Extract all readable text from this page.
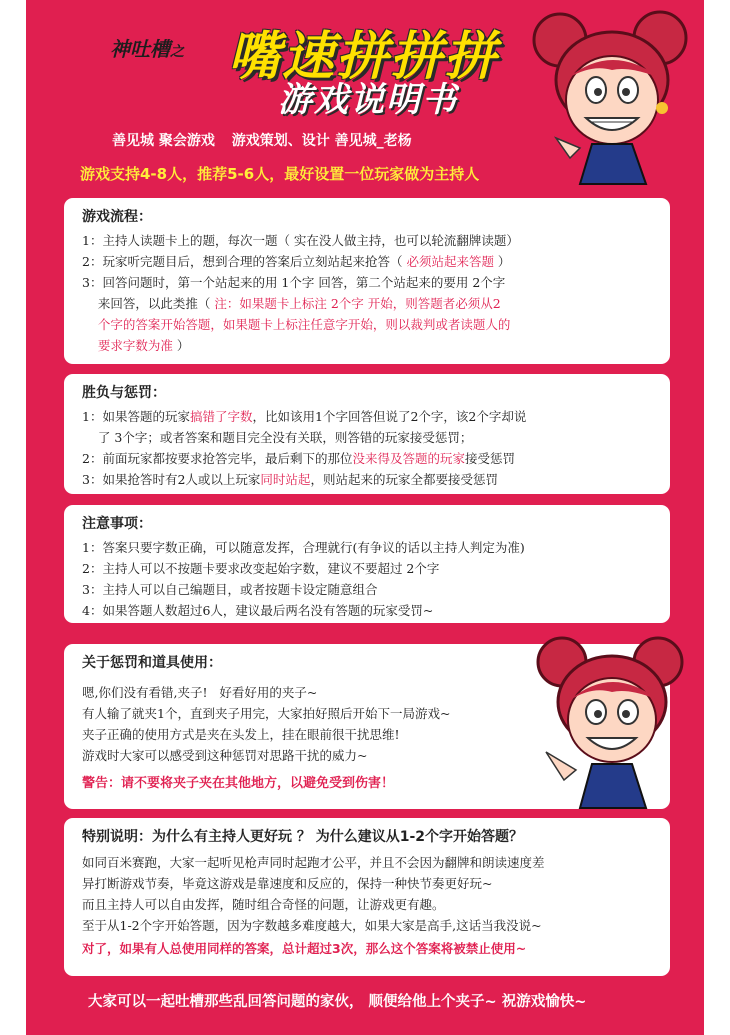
神吐槽之 嘴速拼拼拼
游戏说明书
善见城 聚会游戏 游戏策划、设计 善见城_老杨
游戏支持4-8人，推荐5-6人，最好设置一位玩家做为主持人
游戏流程：
1：主持人读题卡上的题，每次一题（ 实在没人做主持，也可以轮流翻牌读题）
2：玩家听完题目后，想到合理的答案后立刻站起来抢答（ 必须站起来答题 ）
3：回答问题时，第一个站起来的用 1个字 回答，第二个站起来的要用 2个字
来回答，以此类推（ 注：如果题卡上标注 2个字 开始，则答题者必须从2
个字的答案开始答题，如果题卡上标注任意字开始，则以裁判或者读题人的
要求字数为准 ）
胜负与惩罚：
1：如果答题的玩家搞错了字数，比如该用1个字回答但说了2个字，该2个字却说
了 3个字；或者答案和题目完全没有关联，则答错的玩家接受惩罚；
2：前面玩家都按要求抢答完毕，最后剩下的那位没来得及答题的玩家接受惩罚
3：如果抢答时有2人或以上玩家同时站起，则站起来的玩家全都要接受惩罚
注意事项：
1：答案只要字数正确，可以随意发挥，合理就行(有争议的话以主持人判定为准)
2：主持人可以不按题卡要求改变起始字数，建议不要超过 2个字
3：主持人可以自己编题目，或者按题卡设定随意组合
4：如果答题人数超过6人，建议最后两名没有答题的玩家受罚~
关于惩罚和道具使用：
嗯,你们没有看错,夹子!   好看好用的夹子~
有人输了就夹1个，直到夹子用完，大家拍好照后开始下一局游戏~
夹子正确的使用方式是夹在头发上，挂在眼前很干扰思维!
游戏时大家可以感受到这种惩罚对思路干扰的威力~
警告：请不要将夹子夹在其他地方，以避免受到伤害！
特别说明：为什么有主持人更好玩 ？ 为什么建议从1-2个字开始答题？
如同百米赛跑，大家一起听见枪声同时起跑才公平，并且不会因为翻牌和朗读速度差
异打断游戏节奏，毕竟这游戏是靠速度和反应的，保持一种快节奏更好玩~
而且主持人可以自由发挥，随时组合奇怪的问题，让游戏更有趣。
至于从1-2个字开始答题，因为字数越多难度越大，如果大家是高手,这话当我没说~
对了，如果有人总使用同样的答案，总计超过3次，那么这个答案将被禁止使用~
大家可以一起吐槽那些乱回答问题的家伙， 顺便给他上个夹子~ 祝游戏愉快~
